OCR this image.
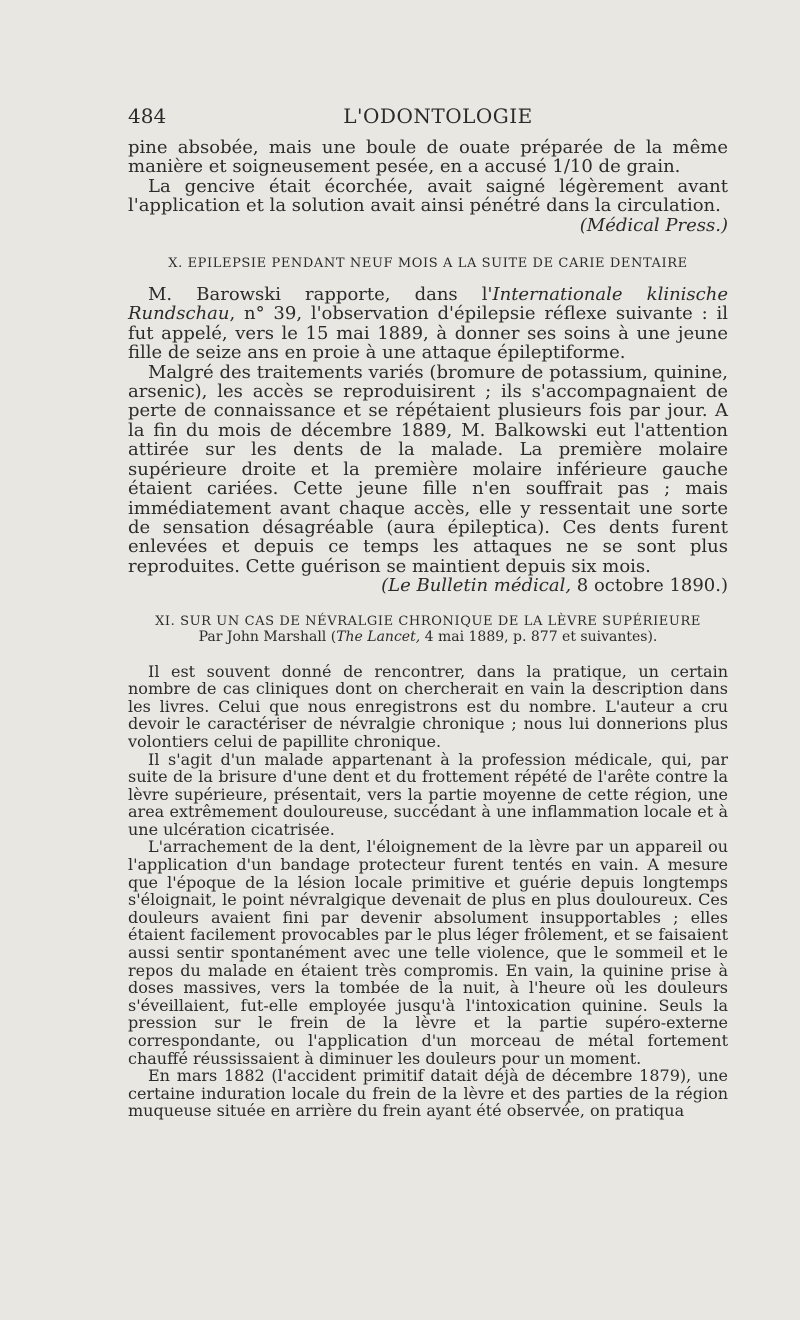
484	L'ODONTOLOGIE

pine absobée, mais une boule de ouate préparée de la même manière et soigneusement pesée, en a accusé 1/10 de grain.

La gencive était écorchée, avait saigné légèrement avant l'application et la solution avait ainsi pénétré dans la circulation.

(Médical Press.)

X. EPILEPSIE PENDANT NEUF MOIS A LA SUITE DE CARIE DENTAIRE

M. Barowski rapporte, dans l'Internationale klinische Rundschau, n° 39, l'observation d'épilepsie réflexe suivante : il fut appelé, vers le 15 mai 1889, à donner ses soins à une jeune fille de seize ans en proie à une attaque épileptiforme.

Malgré des traitements variés (bromure de potassium, quinine, arsenic), les accès se reproduisirent ; ils s'accompagnaient de perte de connaissance et se répétaient plusieurs fois par jour. A la fin du mois de décembre 1889, M. Balkowski eut l'attention attirée sur les dents de la malade. La première molaire supérieure droite et la première molaire inférieure gauche étaient cariées. Cette jeune fille n'en souffrait pas ; mais immédiatement avant chaque accès, elle y ressentait une sorte de sensation désagréable (aura épileptica). Ces dents furent enlevées et depuis ce temps les attaques ne se sont plus reproduites. Cette guérison se maintient depuis six mois.

(Le Bulletin médical, 8 octobre 1890.)

XI. SUR UN CAS DE NÉVRALGIE CHRONIQUE DE LA LÈVRE SUPÉRIEURE

Par John Marshall (The Lancet, 4 mai 1889, p. 877 et suivantes).

Il est souvent donné de rencontrer, dans la pratique, un certain nombre de cas cliniques dont on chercherait en vain la description dans les livres. Celui que nous enregistrons est du nombre. L'auteur a cru devoir le caractériser de névralgie chronique ; nous lui donnerions plus volontiers celui de papillite chronique.

Il s'agit d'un malade appartenant à la profession médicale, qui, par suite de la brisure d'une dent et du frottement répété de l'arête contre la lèvre supérieure, présentait, vers la partie moyenne de cette région, une area extrêmement douloureuse, succédant à une inflammation locale et à une ulcération cicatrisée.

L'arrachement de la dent, l'éloignement de la lèvre par un appareil ou l'application d'un bandage protecteur furent tentés en vain. A mesure que l'époque de la lésion locale primitive et guérie depuis longtemps s'éloignait, le point névralgique devenait de plus en plus douloureux. Ces douleurs avaient fini par devenir absolument insupportables ; elles étaient facilement provocables par le plus léger frôlement, et se faisaient aussi sentir spontanément avec une telle violence, que le sommeil et le repos du malade en étaient très compromis. En vain, la quinine prise à doses massives, vers la tombée de la nuit, à l'heure où les douleurs s'éveillaient, fut-elle employée jusqu'à l'intoxication quinine. Seuls la pression sur le frein de la lèvre et la partie supéro-externe correspondante, ou l'application d'un morceau de métal fortement chauffé réussissaient à diminuer les douleurs pour un moment.

En mars 1882 (l'accident primitif datait déjà de décembre 1879), une certaine induration locale du frein de la lèvre et des parties de la région muqueuse située en arrière du frein ayant été observée, on pratiqua
